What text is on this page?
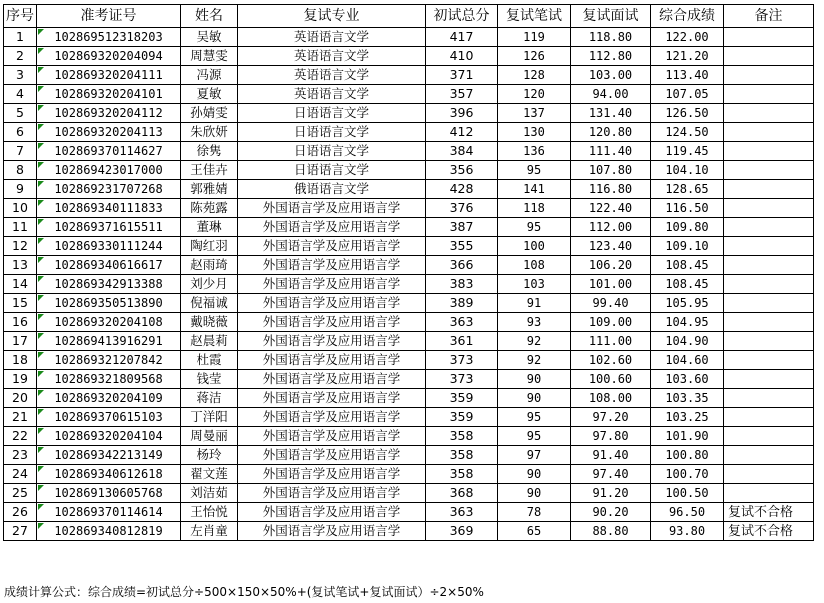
序号	准考证号	姓名	复试专业	初试总分	复试笔试	复试面试	综合成绩	备注
1	102869512318203	吴敏	英语语言文学	417	119	118.80	122.00	
2	102869320204094	周慧雯	英语语言文学	410	126	112.80	121.20	
3	102869320204111	冯源	英语语言文学	371	128	103.00	113.40	
4	102869320204101	夏敏	英语语言文学	357	120	94.00	107.05	
5	102869320204112	孙婧雯	日语语言文学	396	137	131.40	126.50	
6	102869320204113	朱欣妍	日语语言文学	412	130	120.80	124.50	
7	102869370114627	徐隽	日语语言文学	384	136	111.40	119.45	
8	102869423017000	王佳卉	日语语言文学	356	95	107.80	104.10	
9	102869231707268	郭雅婧	俄语语言文学	428	141	116.80	128.65	
10	102869340111833	陈苑露	外国语言学及应用语言学	376	118	122.40	116.50	
11	102869371615511	董琳	外国语言学及应用语言学	387	95	112.00	109.80	
12	102869330111244	陶红羽	外国语言学及应用语言学	355	100	123.40	109.10	
13	102869340616617	赵雨琦	外国语言学及应用语言学	366	108	106.20	108.45	
14	102869342913388	刘少月	外国语言学及应用语言学	383	103	101.00	108.45	
15	102869350513890	倪福诚	外国语言学及应用语言学	389	91	99.40	105.95	
16	102869320204108	戴晓薇	外国语言学及应用语言学	363	93	109.00	104.95	
17	102869413916291	赵晨莉	外国语言学及应用语言学	361	92	111.00	104.90	
18	102869321207842	杜霞	外国语言学及应用语言学	373	92	102.60	104.60	
19	102869321809568	钱莹	外国语言学及应用语言学	373	90	100.60	103.60	
20	102869320204109	蒋洁	外国语言学及应用语言学	359	90	108.00	103.35	
21	102869370615103	丁洋阳	外国语言学及应用语言学	359	95	97.20	103.25	
22	102869320204104	周曼丽	外国语言学及应用语言学	358	95	97.80	101.90	
23	102869342213149	杨玲	外国语言学及应用语言学	358	97	91.40	100.80	
24	102869340612618	翟文莲	外国语言学及应用语言学	358	90	97.40	100.70	
25	102869130605768	刘洁茹	外国语言学及应用语言学	368	90	91.20	100.50	
26	102869370114614	王怡悦	外国语言学及应用语言学	363	78	90.20	96.50	复试不合格
27	102869340812819	左肖童	外国语言学及应用语言学	369	65	88.80	93.80	复试不合格
成绩计算公式：综合成绩=初试总分÷500×150×50%+(复试笔试+复试面试）÷2×50%
